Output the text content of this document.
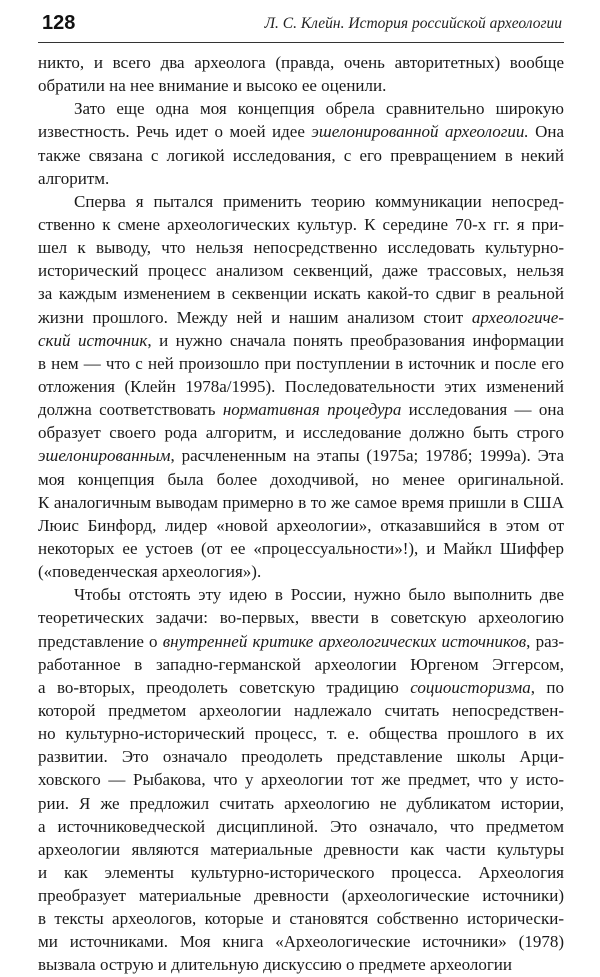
128	Л. С. Клейн. История российской археологии
никто, и всего два археолога (правда, очень авторитетных) вообще
обратили на нее внимание и высоко ее оценили.
Зато еще одна моя концепция обрела сравнительно широкую
известность. Речь идет о моей идее эшелонированной археологии. Она
также связана с логикой исследования, с его превращением в некий
алгоритм.
Сперва я пытался применить теорию коммуникации непосред-
ственно к смене археологических культур. К середине 70-х гг. я при-
шел к выводу, что нельзя непосредственно исследовать культурно-
исторический процесс анализом секвенций, даже трассовых, нельзя
за каждым изменением в секвенции искать какой-то сдвиг в реальной
жизни прошлого. Между ней и нашим анализом стоит археологиче-
ский источник, и нужно сначала понять преобразования информации
в нем — что с ней произошло при поступлении в источник и после его
отложения (Клейн 1978а/1995). Последовательности этих изменений
должна соответствовать нормативная процедура исследования — она
образует своего рода алгоритм, и исследование должно быть строго
эшелонированным, расчлененным на этапы (1975а; 1978б; 1999а). Эта
моя концепция была более доходчивой, но менее оригинальной.
К аналогичным выводам примерно в то же самое время пришли в США
Люис Бинфорд, лидер «новой археологии», отказавшийся в этом от
некоторых ее устоев (от ее «процессуальности»!), и Майкл Шиффер
(«поведенческая археология»).
Чтобы отстоять эту идею в России, нужно было выполнить две
теоретических задачи: во-первых, ввести в советскую археологию
представление о внутренней критике археологических источников, раз-
работанное в западно-германской археологии Юргеном Эггерсом,
а во-вторых, преодолеть советскую традицию социоисторизма, по
которой предметом археологии надлежало считать непосредствен-
но культурно-исторический процесс, т. е. общества прошлого в их
развитии. Это означало преодолеть представление школы Арци-
ховского — Рыбакова, что у археологии тот же предмет, что у исто-
рии. Я же предложил считать археологию не дубликатом истории,
а источниковедческой дисциплиной. Это означало, что предметом
археологии являются материальные древности как части культуры
и как элементы культурно-исторического процесса. Археология
преобразует материальные древности (археологические источники)
в тексты археологов, которые и становятся собственно исторически-
ми источниками. Моя книга «Археологические источники» (1978)
вызвала острую и длительную дискуссию о предмете археологии
